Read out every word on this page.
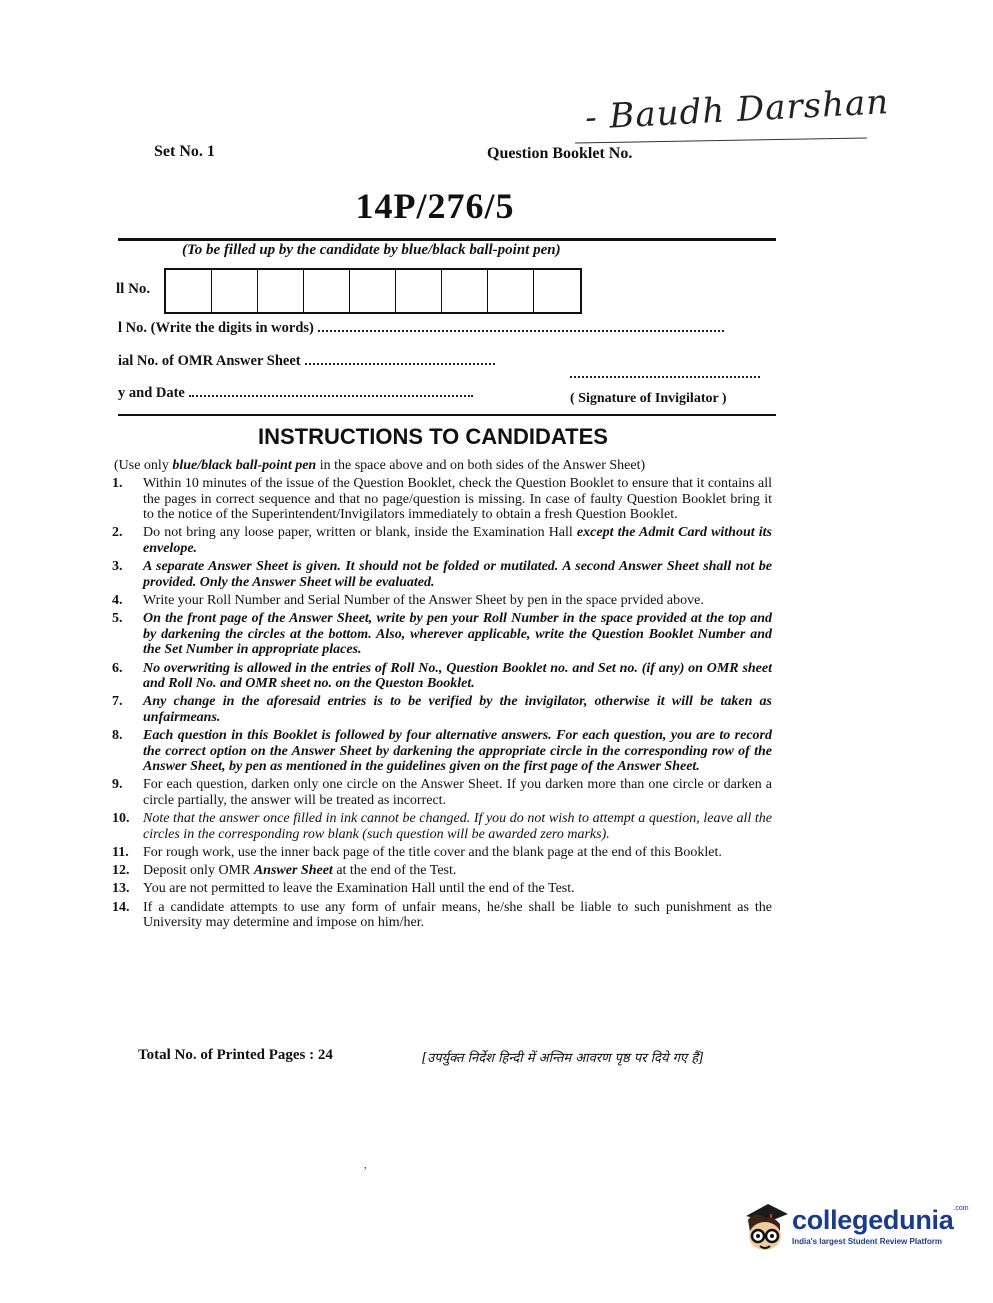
- Baudh Darshan
Set No. 1	Question Booklet No.
14P/276/5
(To be filled up by the candidate by blue/black ball-point pen)
ll No.
l No. (Write the digits in words)
ial No. of OMR Answer Sheet
y and Date	( Signature of Invigilator )
INSTRUCTIONS TO CANDIDATES
(Use only blue/black ball-point pen in the space above and on both sides of the Answer Sheet)
1.	Within 10 minutes of the issue of the Question Booklet, check the Question Booklet to ensure that it contains all the pages in correct sequence and that no page/question is missing. In case of faulty Question Booklet bring it to the notice of the Superintendent/Invigilators immediately to obtain a fresh Question Booklet.
2.	Do not bring any loose paper, written or blank, inside the Examination Hall except the Admit Card without its envelope.
3.	A separate Answer Sheet is given. It should not be folded or mutilated. A second Answer Sheet shall not be provided. Only the Answer Sheet will be evaluated.
4.	Write your Roll Number and Serial Number of the Answer Sheet by pen in the space prvided above.
5.	On the front page of the Answer Sheet, write by pen your Roll Number in the space provided at the top and by darkening the circles at the bottom. Also, wherever applicable, write the Question Booklet Number and the Set Number in appropriate places.
6.	No overwriting is allowed in the entries of Roll No., Question Booklet no. and Set no. (if any) on OMR sheet and Roll No. and OMR sheet no. on the Queston Booklet.
7.	Any change in the aforesaid entries is to be verified by the invigilator, otherwise it will be taken as unfairmeans.
8.	Each question in this Booklet is followed by four alternative answers. For each question, you are to record the correct option on the Answer Sheet by darkening the appropriate circle in the corresponding row of the Answer Sheet, by pen as mentioned in the guidelines given on the first page of the Answer Sheet.
9.	For each question, darken only one circle on the Answer Sheet. If you darken more than one circle or darken a circle partially, the answer will be treated as incorrect.
10. Note that the answer once filled in ink cannot be changed. If you do not wish to attempt a question, leave all the circles in the corresponding row blank (such question will be awarded zero marks).
11.	For rough work, use the inner back page of the title cover and the blank page at the end of this Booklet.
12. Deposit only OMR Answer Sheet at the end of the Test.
13. You are not permitted to leave the Examination Hall until the end of the Test.
14. If a candidate attempts to use any form of unfair means, he/she shall be liable to such punishment as the University may determine and impose on him/her.
Total No. of Printed Pages : 24	[उपर्युक्त निर्देश हिन्दी में अन्तिम आवरण पृष्ठ पर दिये गए हैं]
,
collegedunia$^{.com}$
India's largest Student Review Platform
